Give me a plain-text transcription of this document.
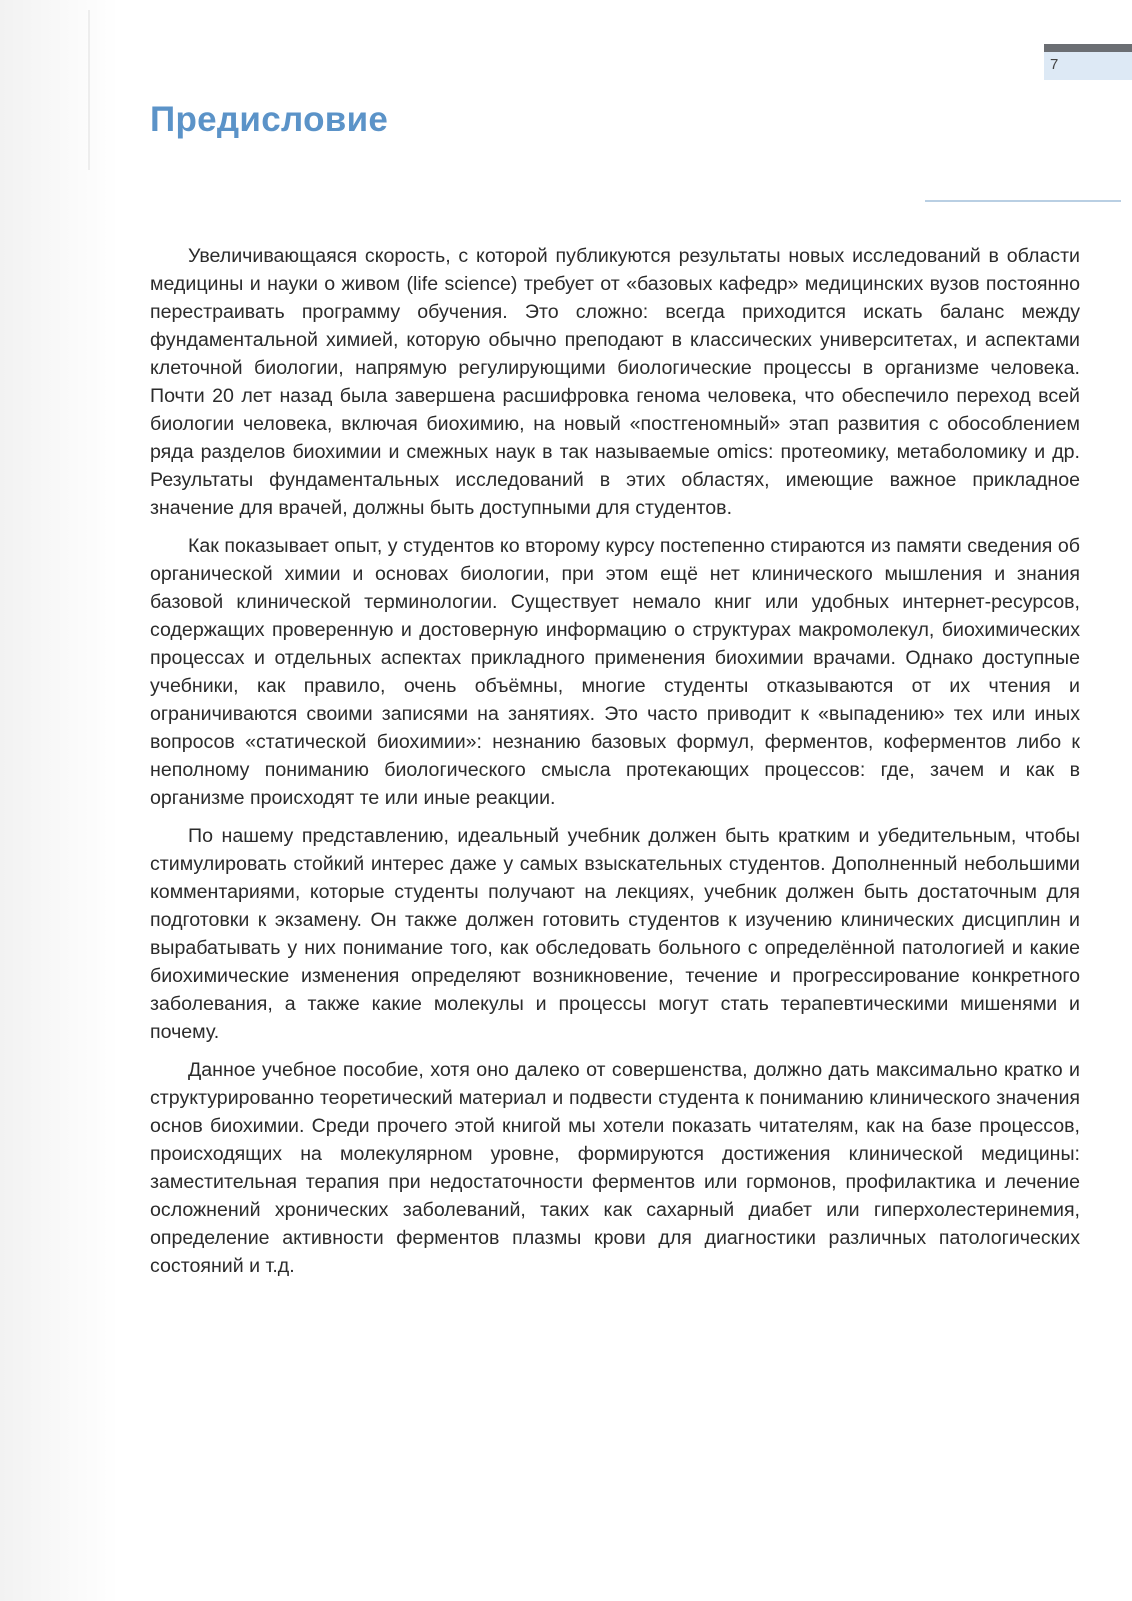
7
Предисловие

Увеличивающаяся скорость, с которой публикуются результаты новых исследований в области медицины и науки о живом (life science) требует от «базовых кафедр» медицинских вузов постоянно перестраивать программу обучения. Это сложно: всегда приходится искать баланс между фундаментальной химией, которую обычно преподают в классических университетах, и аспектами клеточной биологии, напрямую регулирующими биологические процессы в организме человека. Почти 20 лет назад была завершена расшифровка генома человека, что обеспечило переход всей биологии человека, включая биохимию, на новый «постгеномный» этап развития с обособлением ряда разделов биохимии и смежных наук в так называемые omics: протеомику, метаболомику и др. Результаты фундаментальных исследований в этих областях, имеющие важное прикладное значение для врачей, должны быть доступными для студентов.

Как показывает опыт, у студентов ко второму курсу постепенно стираются из памяти сведения об органической химии и основах биологии, при этом ещё нет клинического мышления и знания базовой клинической терминологии. Существует немало книг или удобных интернет-ресурсов, содержащих проверенную и достоверную информацию о структурах макромолекул, биохимических процессах и отдельных аспектах прикладного применения биохимии врачами. Однако доступные учебники, как правило, очень объёмны, многие студенты отказываются от их чтения и ограничиваются своими записями на занятиях. Это часто приводит к «выпадению» тех или иных вопросов «статической биохимии»: незнанию базовых формул, ферментов, коферментов либо к неполному пониманию биологического смысла протекающих процессов: где, зачем и как в организме происходят те или иные реакции.

По нашему представлению, идеальный учебник должен быть кратким и убедительным, чтобы стимулировать стойкий интерес даже у самых взыскательных студентов. Дополненный небольшими комментариями, которые студенты получают на лекциях, учебник должен быть достаточным для подготовки к экзамену. Он также должен готовить студентов к изучению клинических дисциплин и вырабатывать у них понимание того, как обследовать больного с определённой патологией и какие биохимические изменения определяют возникновение, течение и прогрессирование конкретного заболевания, а также какие молекулы и процессы могут стать терапевтическими мишенями и почему.

Данное учебное пособие, хотя оно далеко от совершенства, должно дать максимально кратко и структурированно теоретический материал и подвести студента к пониманию клинического значения основ биохимии. Среди прочего этой книгой мы хотели показать читателям, как на базе процессов, происходящих на молекулярном уровне, формируются достижения клинической медицины: заместительная терапия при недостаточности ферментов или гормонов, профилактика и лечение осложнений хронических заболеваний, таких как сахарный диабет или гиперхолестеринемия, определение активности ферментов плазмы крови для диагностики различных патологических состояний и т.д.
